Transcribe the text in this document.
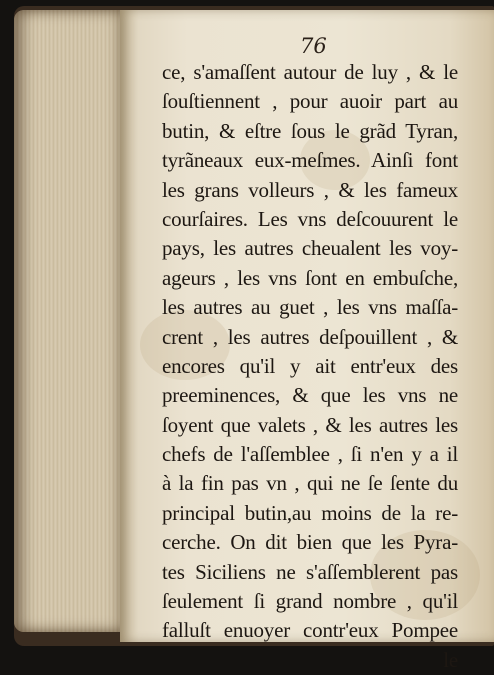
76
ce, s'amaſſent autour de luy , & le
ſouſtiennent , pour auoir part au
butin, & eſtre ſous le grãd Tyran,
tyrãneaux eux-meſmes. Ainſi font
les grans volleurs , & les fameux
courſaires. Les vns deſcouurent le
pays, les autres cheualent les voy-
ageurs , les vns ſont en embuſche,
les autres au guet , les vns maſſa-
crent , les autres deſpouillent , &
encores qu'il y ait entr'eux des
preeminences, & que les vns ne
ſoyent que valets , & les autres les
chefs de l'aſſemblee , ſi n'en y a il
à la fin pas vn , qui ne ſe ſente du
principal butin,au moins de la re-
cerche. On dit bien que les Pyra-
tes Siciliens ne s'aſſemblerent pas
ſeulement ſi grand nombre , qu'il
falluſt enuoyer contr'eux Pompee
le
